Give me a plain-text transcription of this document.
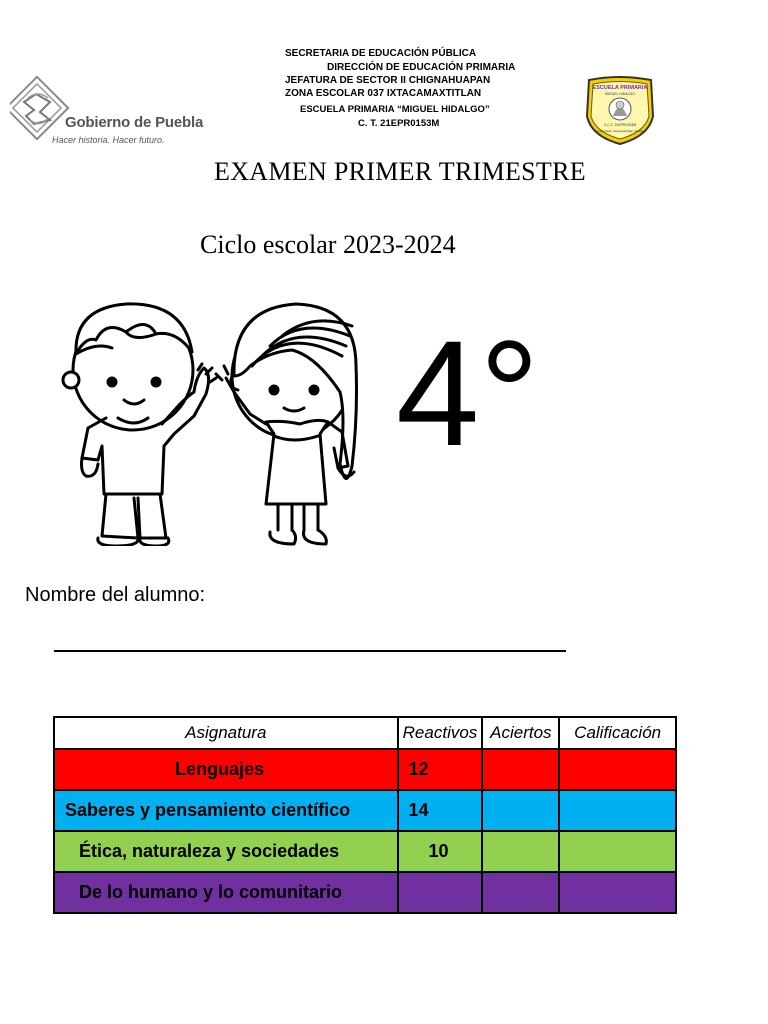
Gobierno de Puebla
Hacer historia. Hacer futuro.
SECRETARIA DE EDUCACIÓN PÚBLICA
DIRECCIÓN DE EDUCACIÓN PRIMARIA
JEFATURA DE SECTOR II CHIGNAHUAPAN
ZONA ESCOLAR 037 IXTACAMAXTITLAN
ESCUELA PRIMARIA “MIGUEL HIDALGO”
C. T. 21EPR0153M
ESCUELA PRIMARIA
MIGUEL HIDALGO
C.C.T. 21EPR0153M
Comunidad, Ixtacamaxtitlán, Puebla
EXAMEN PRIMER TRIMESTRE
Ciclo escolar 2023-2024
4°
Nombre del alumno:
Asignatura	Reactivos	Aciertos	Calificación
Lenguajes	12		
Saberes y pensamiento científico	14		
Ética, naturaleza y sociedades	10		
De lo humano y lo comunitario			
